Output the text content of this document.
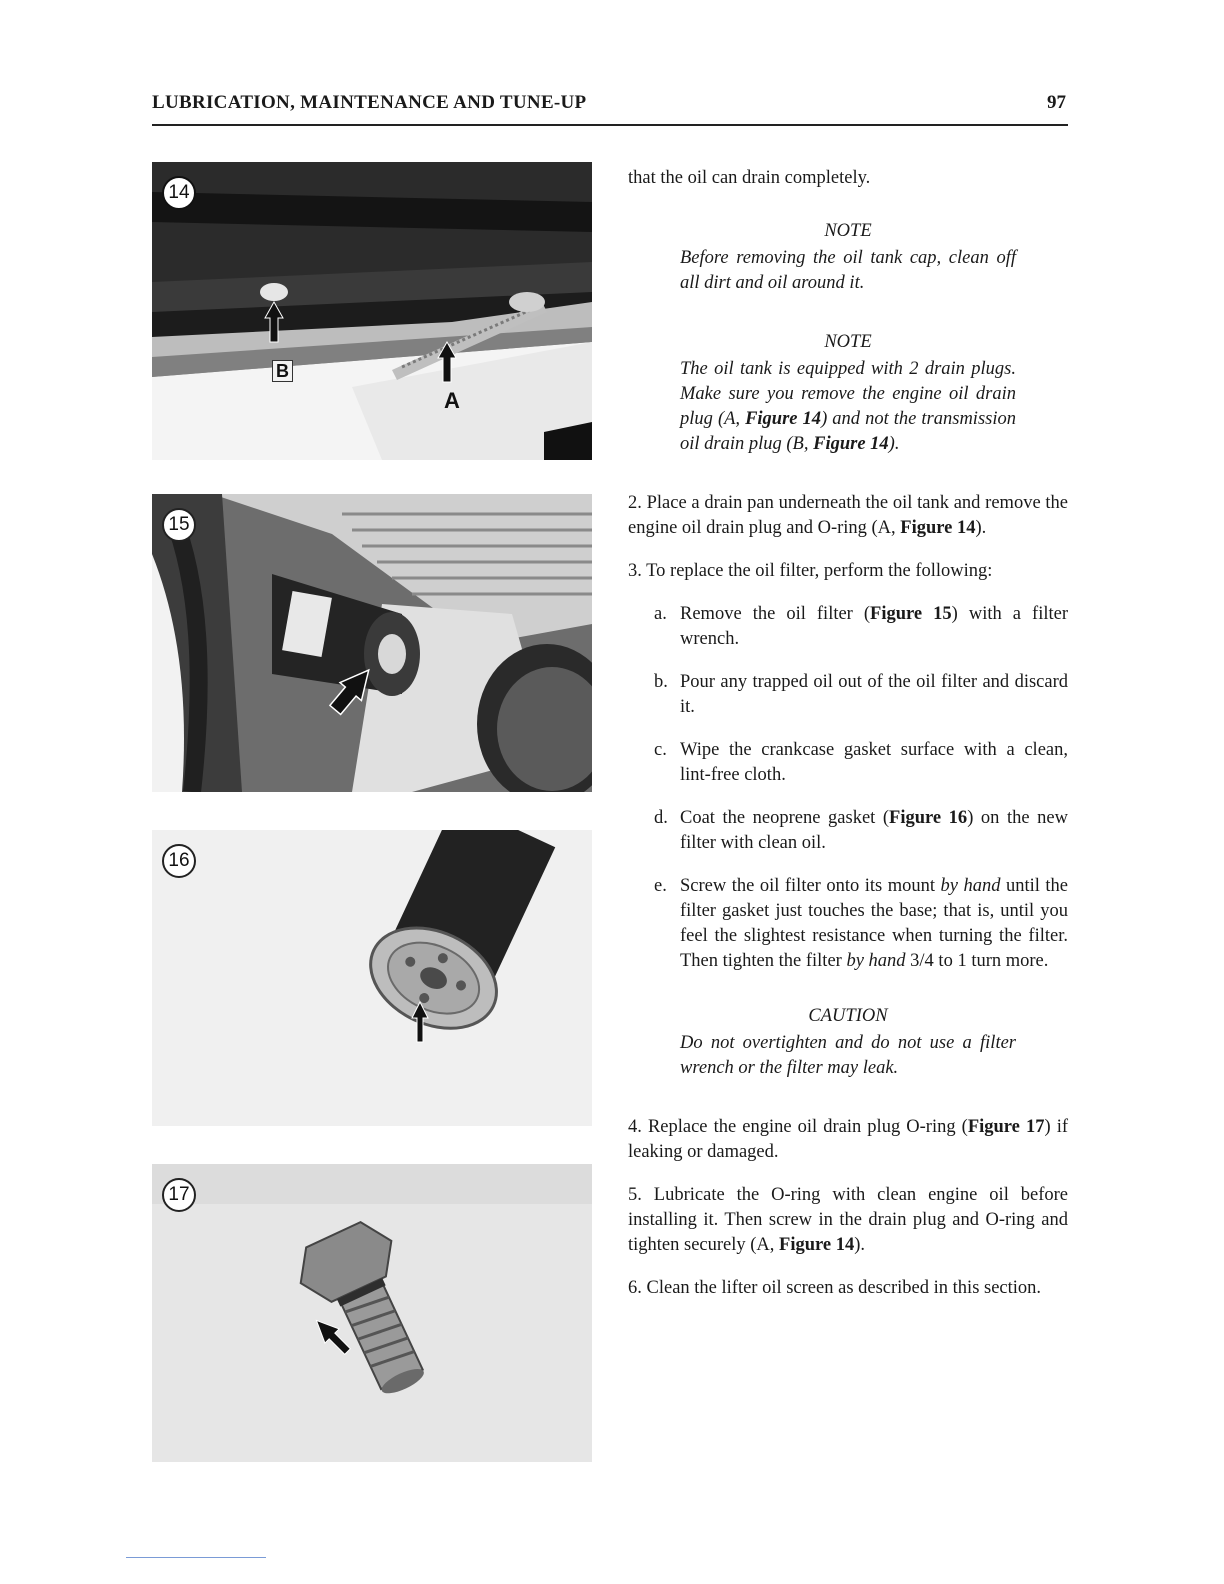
LUBRICATION, MAINTENANCE AND TUNE-UP	97
14
B
A
15
16
17

that the oil can drain completely.

NOTE

Before removing the oil tank cap, clean off all dirt and oil around it.

NOTE

The oil tank is equipped with 2 drain plugs. Make sure you remove the engine oil drain plug (A, Figure 14) and not the transmission oil drain plug (B, Figure 14).

2. Place a drain pan underneath the oil tank and remove the engine oil drain plug and O-ring (A, Figure 14).

3. To replace the oil filter, perform the following:

a. Remove the oil filter (Figure 15) with a filter wrench.

b. Pour any trapped oil out of the oil filter and discard it.

c. Wipe the crankcase gasket surface with a clean, lint-free cloth.

d. Coat the neoprene gasket (Figure 16) on the new filter with clean oil.

e. Screw the oil filter onto its mount by hand until the filter gasket just touches the base; that is, until you feel the slightest resistance when turning the filter. Then tighten the filter by hand 3/4 to 1 turn more.

CAUTION

Do not overtighten and do not use a filter wrench or the filter may leak.

4. Replace the engine oil drain plug O-ring (Figure 17) if leaking or damaged.

5. Lubricate the O-ring with clean engine oil before installing it. Then screw in the drain plug and O-ring and tighten securely (A, Figure 14).

6. Clean the lifter oil screen as described in this section.
